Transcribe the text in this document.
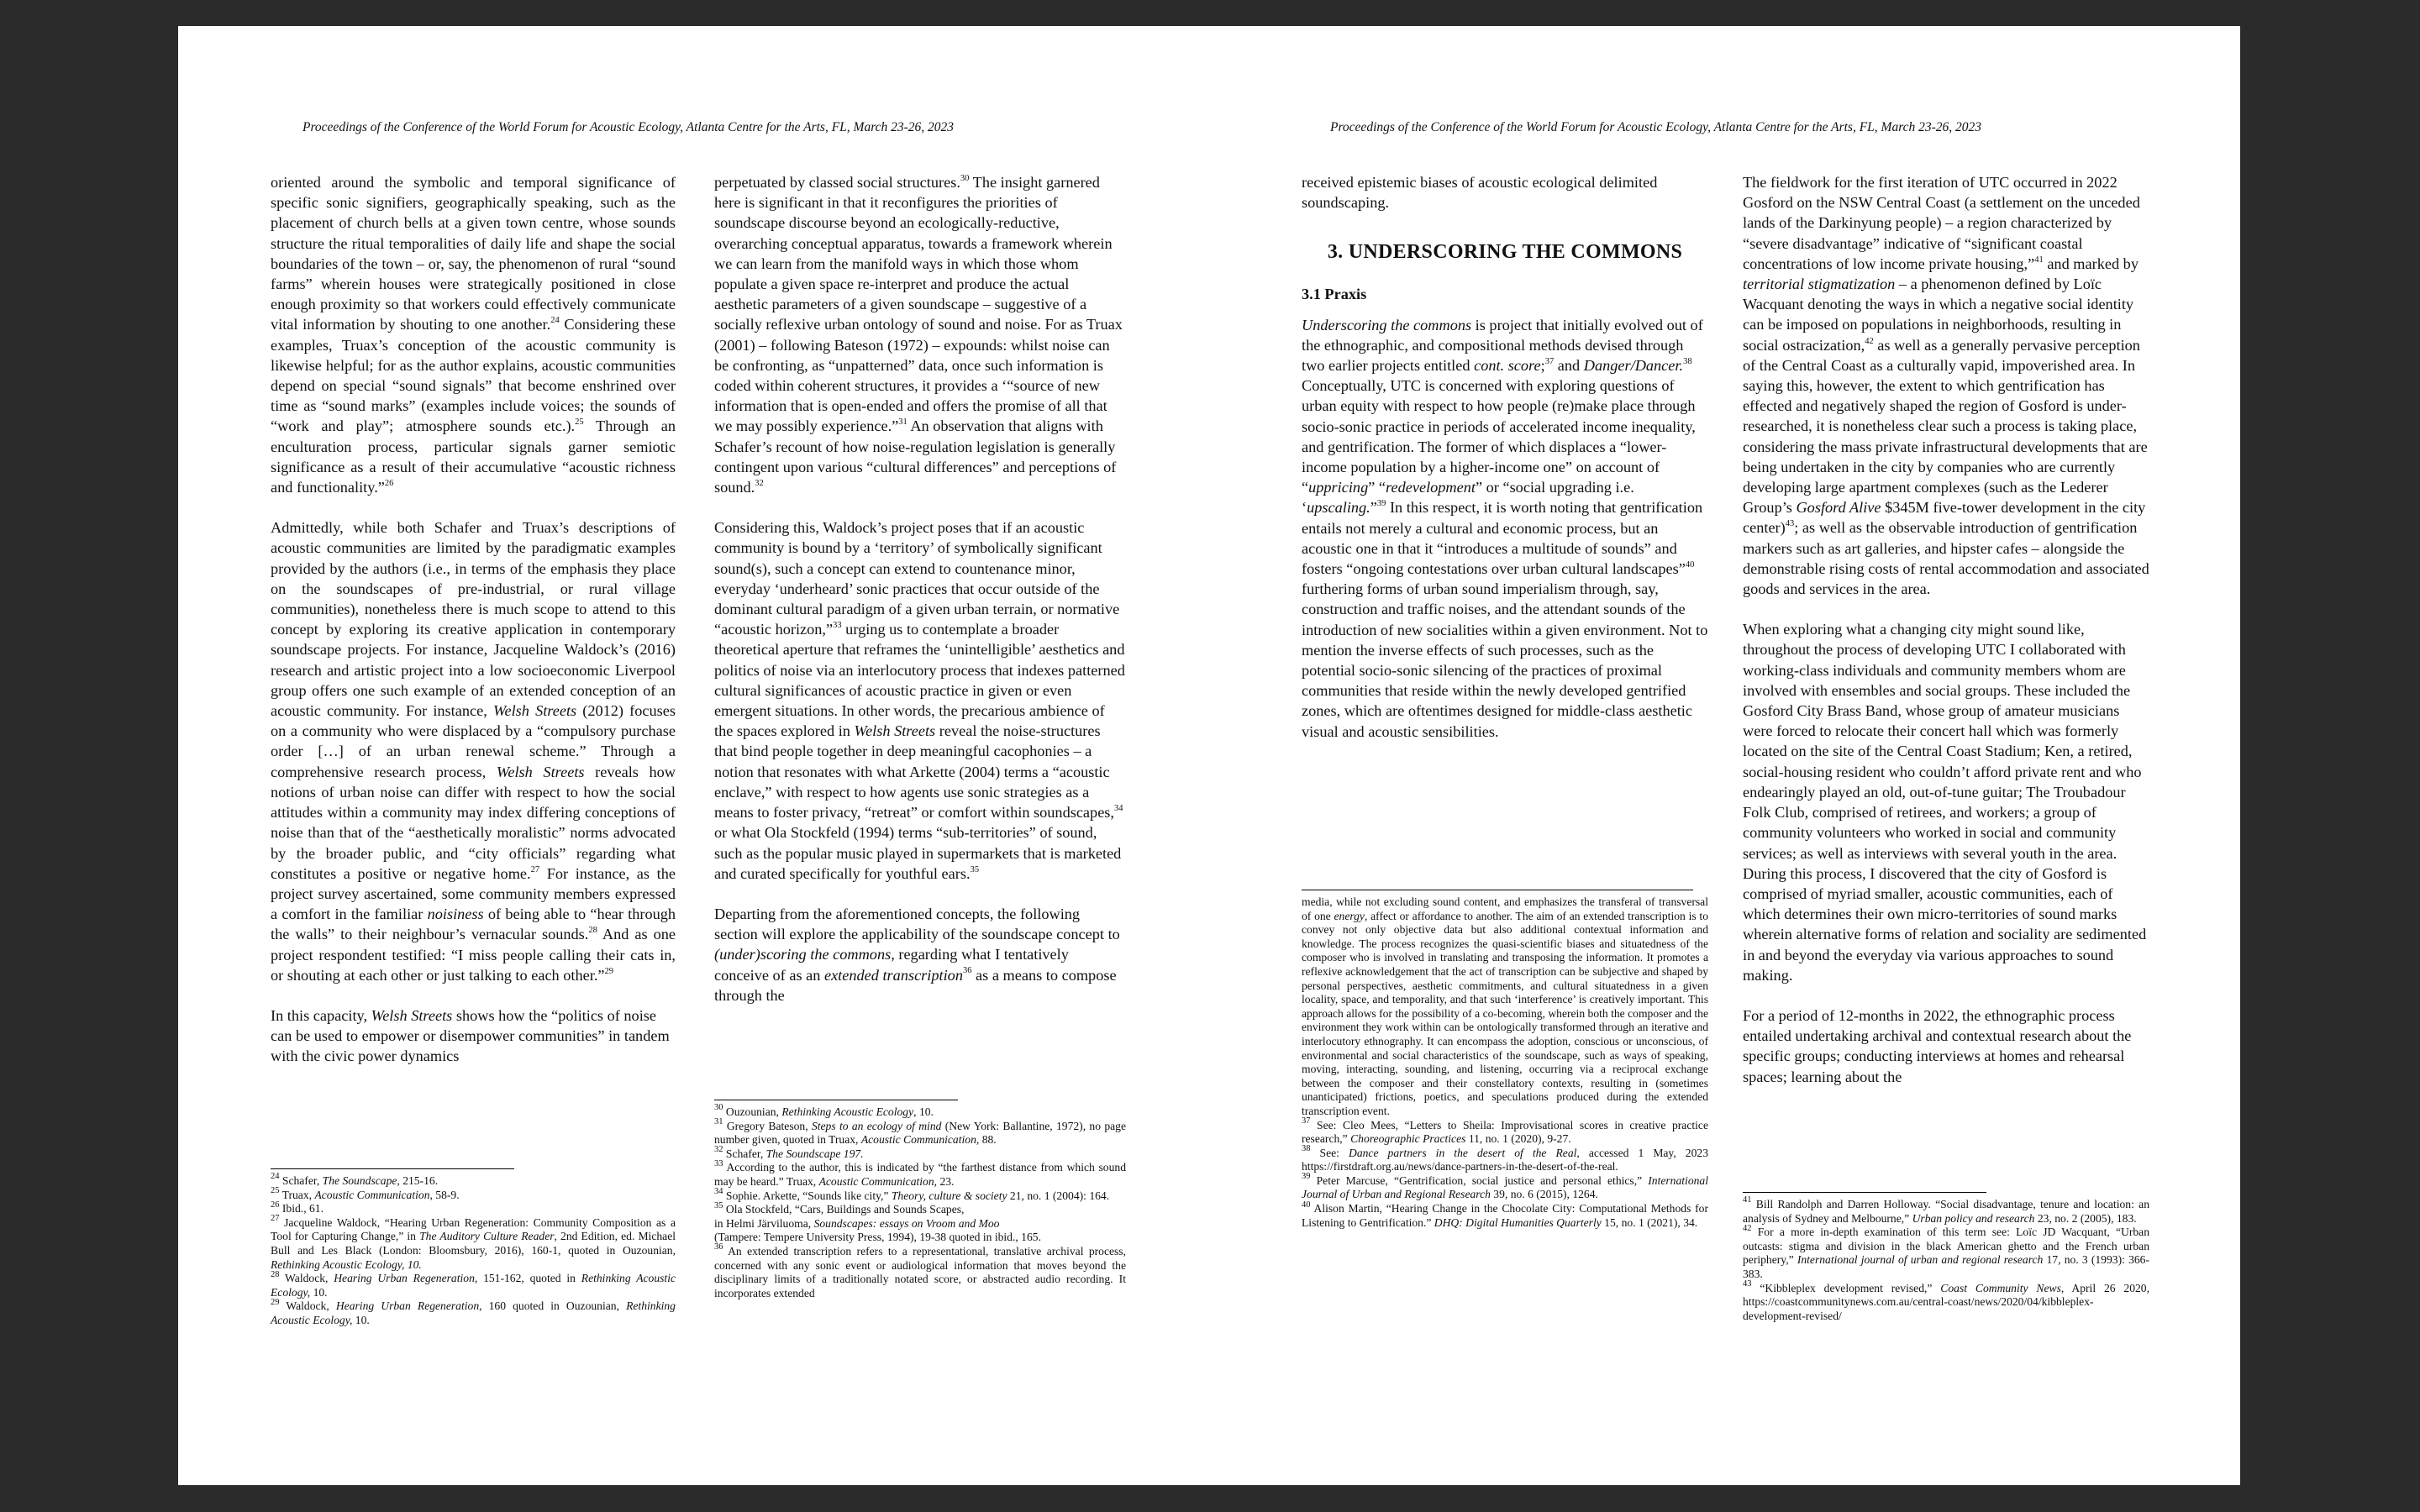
Proceedings of the Conference of the World Forum for Acoustic Ecology, Atlanta Centre for the Arts, FL, March 23-26, 2023	Proceedings of the Conference of the World Forum for Acoustic Ecology, Atlanta Centre for the Arts, FL, March 23-26, 2023

oriented around the symbolic and temporal significance of specific sonic signifiers, geographically speaking, such as the placement of church bells at a given town centre, whose sounds structure the ritual temporalities of daily life and shape the social boundaries of the town – or, say, the phenomenon of rural “sound farms” wherein houses were strategically positioned in close enough proximity so that workers could effectively communicate vital information by shouting to one another.$^{24}$ Considering these examples, Truax’s conception of the acoustic community is likewise helpful; for as the author explains, acoustic communities depend on special “sound signals” that become enshrined over time as “sound marks” (examples include voices; the sounds of “work and play”; atmosphere sounds etc.).$^{25}$ Through an enculturation process, particular signals garner semiotic significance as a result of their accumulative “acoustic richness and functionality.”$^{26}$

Admittedly, while both Schafer and Truax’s descriptions of acoustic communities are limited by the paradigmatic examples provided by the authors (i.e., in terms of the emphasis they place on the soundscapes of pre-industrial, or rural village communities), nonetheless there is much scope to attend to this concept by exploring its creative application in contemporary soundscape projects. For instance, Jacqueline Waldock’s (2016) research and artistic project into a low socioeconomic Liverpool group offers one such example of an extended conception of an acoustic community. For instance, Welsh Streets (2012) focuses on a community who were displaced by a “compulsory purchase order […] of an urban renewal scheme.” Through a comprehensive research process, Welsh Streets reveals how notions of urban noise can differ with respect to how the social attitudes within a community may index differing conceptions of noise than that of the “aesthetically moralistic” norms advocated by the broader public, and “city officials” regarding what constitutes a positive or negative home.$^{27}$ For instance, as the project survey ascertained, some community members expressed a comfort in the familiar noisiness of being able to “hear through the walls” to their neighbour’s vernacular sounds.$^{28}$ And as one project respondent testified: “I miss people calling their cats in, or shouting at each other or just talking to each other.”$^{29}$

In this capacity, Welsh Streets shows how the “politics of noise can be used to empower or disempower communities” in tandem with the civic power dynamics

$^{24}$ Schafer, The Soundscape, 215-16.
$^{25}$ Truax, Acoustic Communication, 58-9.
$^{26}$ Ibid., 61.
$^{27}$ Jacqueline Waldock, “Hearing Urban Regeneration: Community Composition as a Tool for Capturing Change,” in The Auditory Culture Reader, 2nd Edition, ed. Michael Bull and Les Black (London: Bloomsbury, 2016), 160-1, quoted in Ouzounian, Rethinking Acoustic Ecology, 10.
$^{28}$ Waldock, Hearing Urban Regeneration, 151-162, quoted in Rethinking Acoustic Ecology, 10.
$^{29}$ Waldock, Hearing Urban Regeneration, 160 quoted in Ouzounian, Rethinking Acoustic Ecology, 10.

perpetuated by classed social structures.$^{30}$ The insight garnered here is significant in that it reconfigures the priorities of soundscape discourse beyond an ecologically-reductive, overarching conceptual apparatus, towards a framework wherein we can learn from the manifold ways in which those whom populate a given space re-interpret and produce the actual aesthetic parameters of a given soundscape – suggestive of a socially reflexive urban ontology of sound and noise. For as Truax (2001) – following Bateson (1972) – expounds: whilst noise can be confronting, as “unpatterned” data, once such information is coded within coherent structures, it provides a ‘“source of new information that is open-ended and offers the promise of all that we may possibly experience.”$^{31}$ An observation that aligns with Schafer’s recount of how noise-regulation legislation is generally contingent upon various “cultural differences” and perceptions of sound.$^{32}$

Considering this, Waldock’s project poses that if an acoustic community is bound by a ‘territory’ of symbolically significant sound(s), such a concept can extend to countenance minor, everyday ‘underheard’ sonic practices that occur outside of the dominant cultural paradigm of a given urban terrain, or normative “acoustic horizon,”$^{33}$ urging us to contemplate a broader theoretical aperture that reframes the ‘unintelligible’ aesthetics and politics of noise via an interlocutory process that indexes patterned cultural significances of acoustic practice in given or even emergent situations. In other words, the precarious ambience of the spaces explored in Welsh Streets reveal the noise-structures that bind people together in deep meaningful cacophonies – a notion that resonates with what Arkette (2004) terms a “acoustic enclave,” with respect to how agents use sonic strategies as a means to foster privacy, “retreat” or comfort within soundscapes,$^{34}$ or what Ola Stockfeld (1994) terms “sub-territories” of sound, such as the popular music played in supermarkets that is marketed and curated specifically for youthful ears.$^{35}$

Departing from the aforementioned concepts, the following section will explore the applicability of the soundscape concept to (under)scoring the commons, regarding what I tentatively conceive of as an extended transcription$^{36}$ as a means to compose through the

$^{30}$ Ouzounian, Rethinking Acoustic Ecology, 10.
$^{31}$ Gregory Bateson, Steps to an ecology of mind (New York: Ballantine, 1972), no page number given, quoted in Truax, Acoustic Communication, 88.
$^{32}$ Schafer, The Soundscape 197.
$^{33}$ According to the author, this is indicated by “the farthest distance from which sound may be heard.” Truax, Acoustic Communication, 23.
$^{34}$ Sophie. Arkette, “Sounds like city,” Theory, culture & society 21, no. 1 (2004): 164.
$^{35}$ Ola Stockfeld, “Cars, Buildings and Sounds Scapes,
in Helmi Järviluoma, Soundscapes: essays on Vroom and Moo
(Tampere: Tempere University Press, 1994), 19-38 quoted in ibid., 165.
$^{36}$ An extended transcription refers to a representational, translative archival process, concerned with any sonic event or audiological information that moves beyond the disciplinary limits of a traditionally notated score, or abstracted audio recording. It incorporates extended

received epistemic biases of acoustic ecological delimited soundscaping.

3. UNDERSCORING THE COMMONS
3.1 Praxis

Underscoring the commons is project that initially evolved out of the ethnographic, and compositional methods devised through two earlier projects entitled cont. score;$^{37}$ and Danger/Dancer.$^{38}$ Conceptually, UTC is concerned with exploring questions of urban equity with respect to how people (re)make place through socio-sonic practice in periods of accelerated income inequality, and gentrification. The former of which displaces a “lower-income population by a higher-income one” on account of “uppricing” “redevelopment” or “social upgrading i.e. ‘upscaling.”$^{39}$ In this respect, it is worth noting that gentrification entails not merely a cultural and economic process, but an acoustic one in that it “introduces a multitude of sounds” and fosters “ongoing contestations over urban cultural landscapes”$^{40}$ furthering forms of urban sound imperialism through, say, construction and traffic noises, and the attendant sounds of the introduction of new socialities within a given environment. Not to mention the inverse effects of such processes, such as the potential socio-sonic silencing of the practices of proximal communities that reside within the newly developed gentrified zones, which are oftentimes designed for middle-class aesthetic visual and acoustic sensibilities.

media, while not excluding sound content, and emphasizes the transferal of transversal of one energy, affect or affordance to another. The aim of an extended transcription is to convey not only objective data but also additional contextual information and knowledge. The process recognizes the quasi-scientific biases and situatedness of the composer who is involved in translating and transposing the information. It promotes a reflexive acknowledgement that the act of transcription can be subjective and shaped by personal perspectives, aesthetic commitments, and cultural situatedness in a given locality, space, and temporality, and that such ‘interference’ is creatively important. This approach allows for the possibility of a co-becoming, wherein both the composer and the environment they work within can be ontologically transformed through an iterative and interlocutory ethnography. It can encompass the adoption, conscious or unconscious, of environmental and social characteristics of the soundscape, such as ways of speaking, moving, interacting, sounding, and listening, occurring via a reciprocal exchange between the composer and their constellatory contexts, resulting in (sometimes unanticipated) frictions, poetics, and speculations produced during the extended transcription event.
$^{37}$ See: Cleo Mees, “Letters to Sheila: Improvisational scores in creative practice research,” Choreographic Practices 11, no. 1 (2020), 9-27.
$^{38}$ See: Dance partners in the desert of the Real, accessed 1 May, 2023 https://firstdraft.org.au/news/dance-partners-in-the-desert-of-the-real.
$^{39}$ Peter Marcuse, “Gentrification, social justice and personal ethics,” International Journal of Urban and Regional Research 39, no. 6 (2015), 1264.
$^{40}$ Alison Martin, “Hearing Change in the Chocolate City: Computational Methods for Listening to Gentrification.” DHQ: Digital Humanities Quarterly 15, no. 1 (2021), 34.

The fieldwork for the first iteration of UTC occurred in 2022 Gosford on the NSW Central Coast (a settlement on the unceded lands of the Darkinyung people) – a region characterized by “severe disadvantage” indicative of “significant coastal concentrations of low income private housing,”$^{41}$ and marked by territorial stigmatization – a phenomenon defined by Loïc Wacquant denoting the ways in which a negative social identity can be imposed on populations in neighborhoods, resulting in social ostracization,$^{42}$ as well as a generally pervasive perception of the Central Coast as a culturally vapid, impoverished area. In saying this, however, the extent to which gentrification has effected and negatively shaped the region of Gosford is under-researched, it is nonetheless clear such a process is taking place, considering the mass private infrastructural developments that are being undertaken in the city by companies who are currently developing large apartment complexes (such as the Lederer Group’s Gosford Alive $345M five-tower development in the city center)$^{43}$; as well as the observable introduction of gentrification markers such as art galleries, and hipster cafes – alongside the demonstrable rising costs of rental accommodation and associated goods and services in the area.

When exploring what a changing city might sound like, throughout the process of developing UTC I collaborated with working-class individuals and community members whom are involved with ensembles and social groups. These included the Gosford City Brass Band, whose group of amateur musicians were forced to relocate their concert hall which was formerly located on the site of the Central Coast Stadium; Ken, a retired, social-housing resident who couldn’t afford private rent and who endearingly played an old, out-of-tune guitar; The Troubadour Folk Club, comprised of retirees, and workers; a group of community volunteers who worked in social and community services; as well as interviews with several youth in the area. During this process, I discovered that the city of Gosford is comprised of myriad smaller, acoustic communities, each of which determines their own micro-territories of sound marks wherein alternative forms of relation and sociality are sedimented in and beyond the everyday via various approaches to sound making.

For a period of 12-months in 2022, the ethnographic process entailed undertaking archival and contextual research about the specific groups; conducting interviews at homes and rehearsal spaces; learning about the

$^{41}$ Bill Randolph and Darren Holloway. “Social disadvantage, tenure and location: an analysis of Sydney and Melbourne,” Urban policy and research 23, no. 2 (2005), 183.
$^{42}$ For a more in-depth examination of this term see: Loïc JD Wacquant, “Urban outcasts: stigma and division in the black American ghetto and the French urban periphery,” International journal of urban and regional research 17, no. 3 (1993): 366-383.
$^{43}$ “Kibbleplex development revised,” Coast Community News, April 26 2020, https://coastcommunitynews.com.au/central-coast/news/2020/04/kibbleplex-development-revised/
